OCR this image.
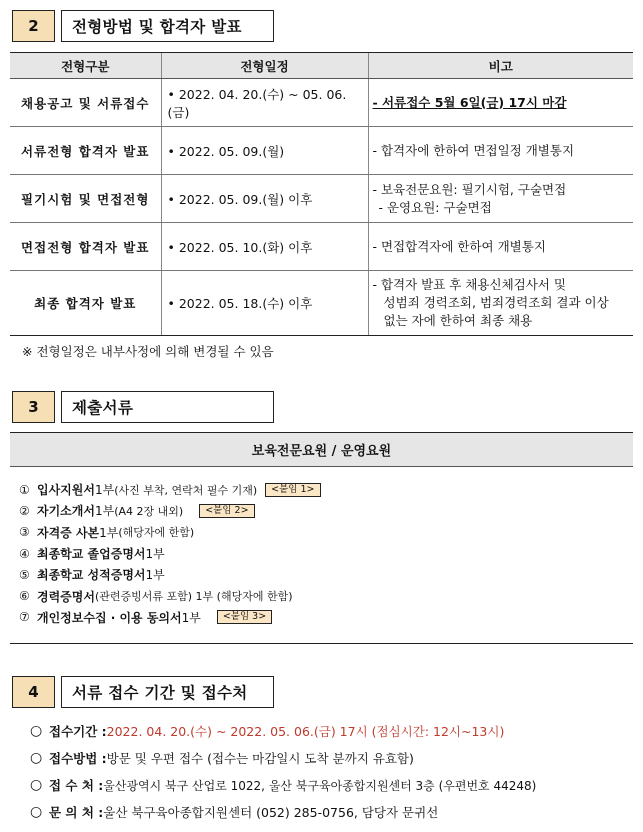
2	전형방법 및 합격자 발표
전형구분	전형일정	비고
채용공고 및 서류접수	• 2022. 04. 20.(수) ~ 05. 06.(금)	- 서류접수 5월 6일(금) 17시 마감
서류전형 합격자 발표	• 2022. 05. 09.(월)	- 합격자에 한하여 면접일정 개별통지
필기시험 및 면접전형	• 2022. 05. 09.(월) 이후	- 보육전문요원: 필기시험, 구술면접
- 운영요원: 구술면접

면접전형 합격자 발표	• 2022. 05. 10.(화) 이후	- 면접합격자에 한하여 개별통지
최종 합격자 발표	• 2022. 05. 18.(수) 이후	- 합격자 발표 후 채용신체검사서 및
성범죄 경력조회, 범죄경력조회 결과 이상
없는 자에 한하여 최종 채용
※ 전형일정은 내부사정에 의해 변경될 수 있음
3	제출서류
보육전문요원 / 운영요원
① 입사지원서 1부 (사진 부착, 연락처 필수 기재)	<붙임 1>
② 자기소개서 1부 (A4 2장 내외)	<붙임 2>
③ 자격증 사본 1부 (해당자에 한함)
④ 최종학교 졸업증명서 1부
⑤ 최종학교 성적증명서 1부
⑥ 경력증명서 (관련증빙서류 포함) 1부 (해당자에 한함)
⑦ 개인정보수집 · 이용 동의서 1부	<붙임 3>
4	서류 접수 기간 및 접수처
○ 접수기간 : 2022. 04. 20.(수) ~ 2022. 05. 06.(금) 17시 (점심시간: 12시~13시)
○ 접수방법 : 방문 및 우편 접수 (접수는 마감일시 도착 분까지 유효함)
○ 접 수 처 : 울산광역시 북구 산업로 1022, 울산 북구육아종합지원센터 3층 (우편번호 44248)
○ 문 의 처 : 울산 북구육아종합지원센터 (052) 285-0756, 담당자 문귀선
